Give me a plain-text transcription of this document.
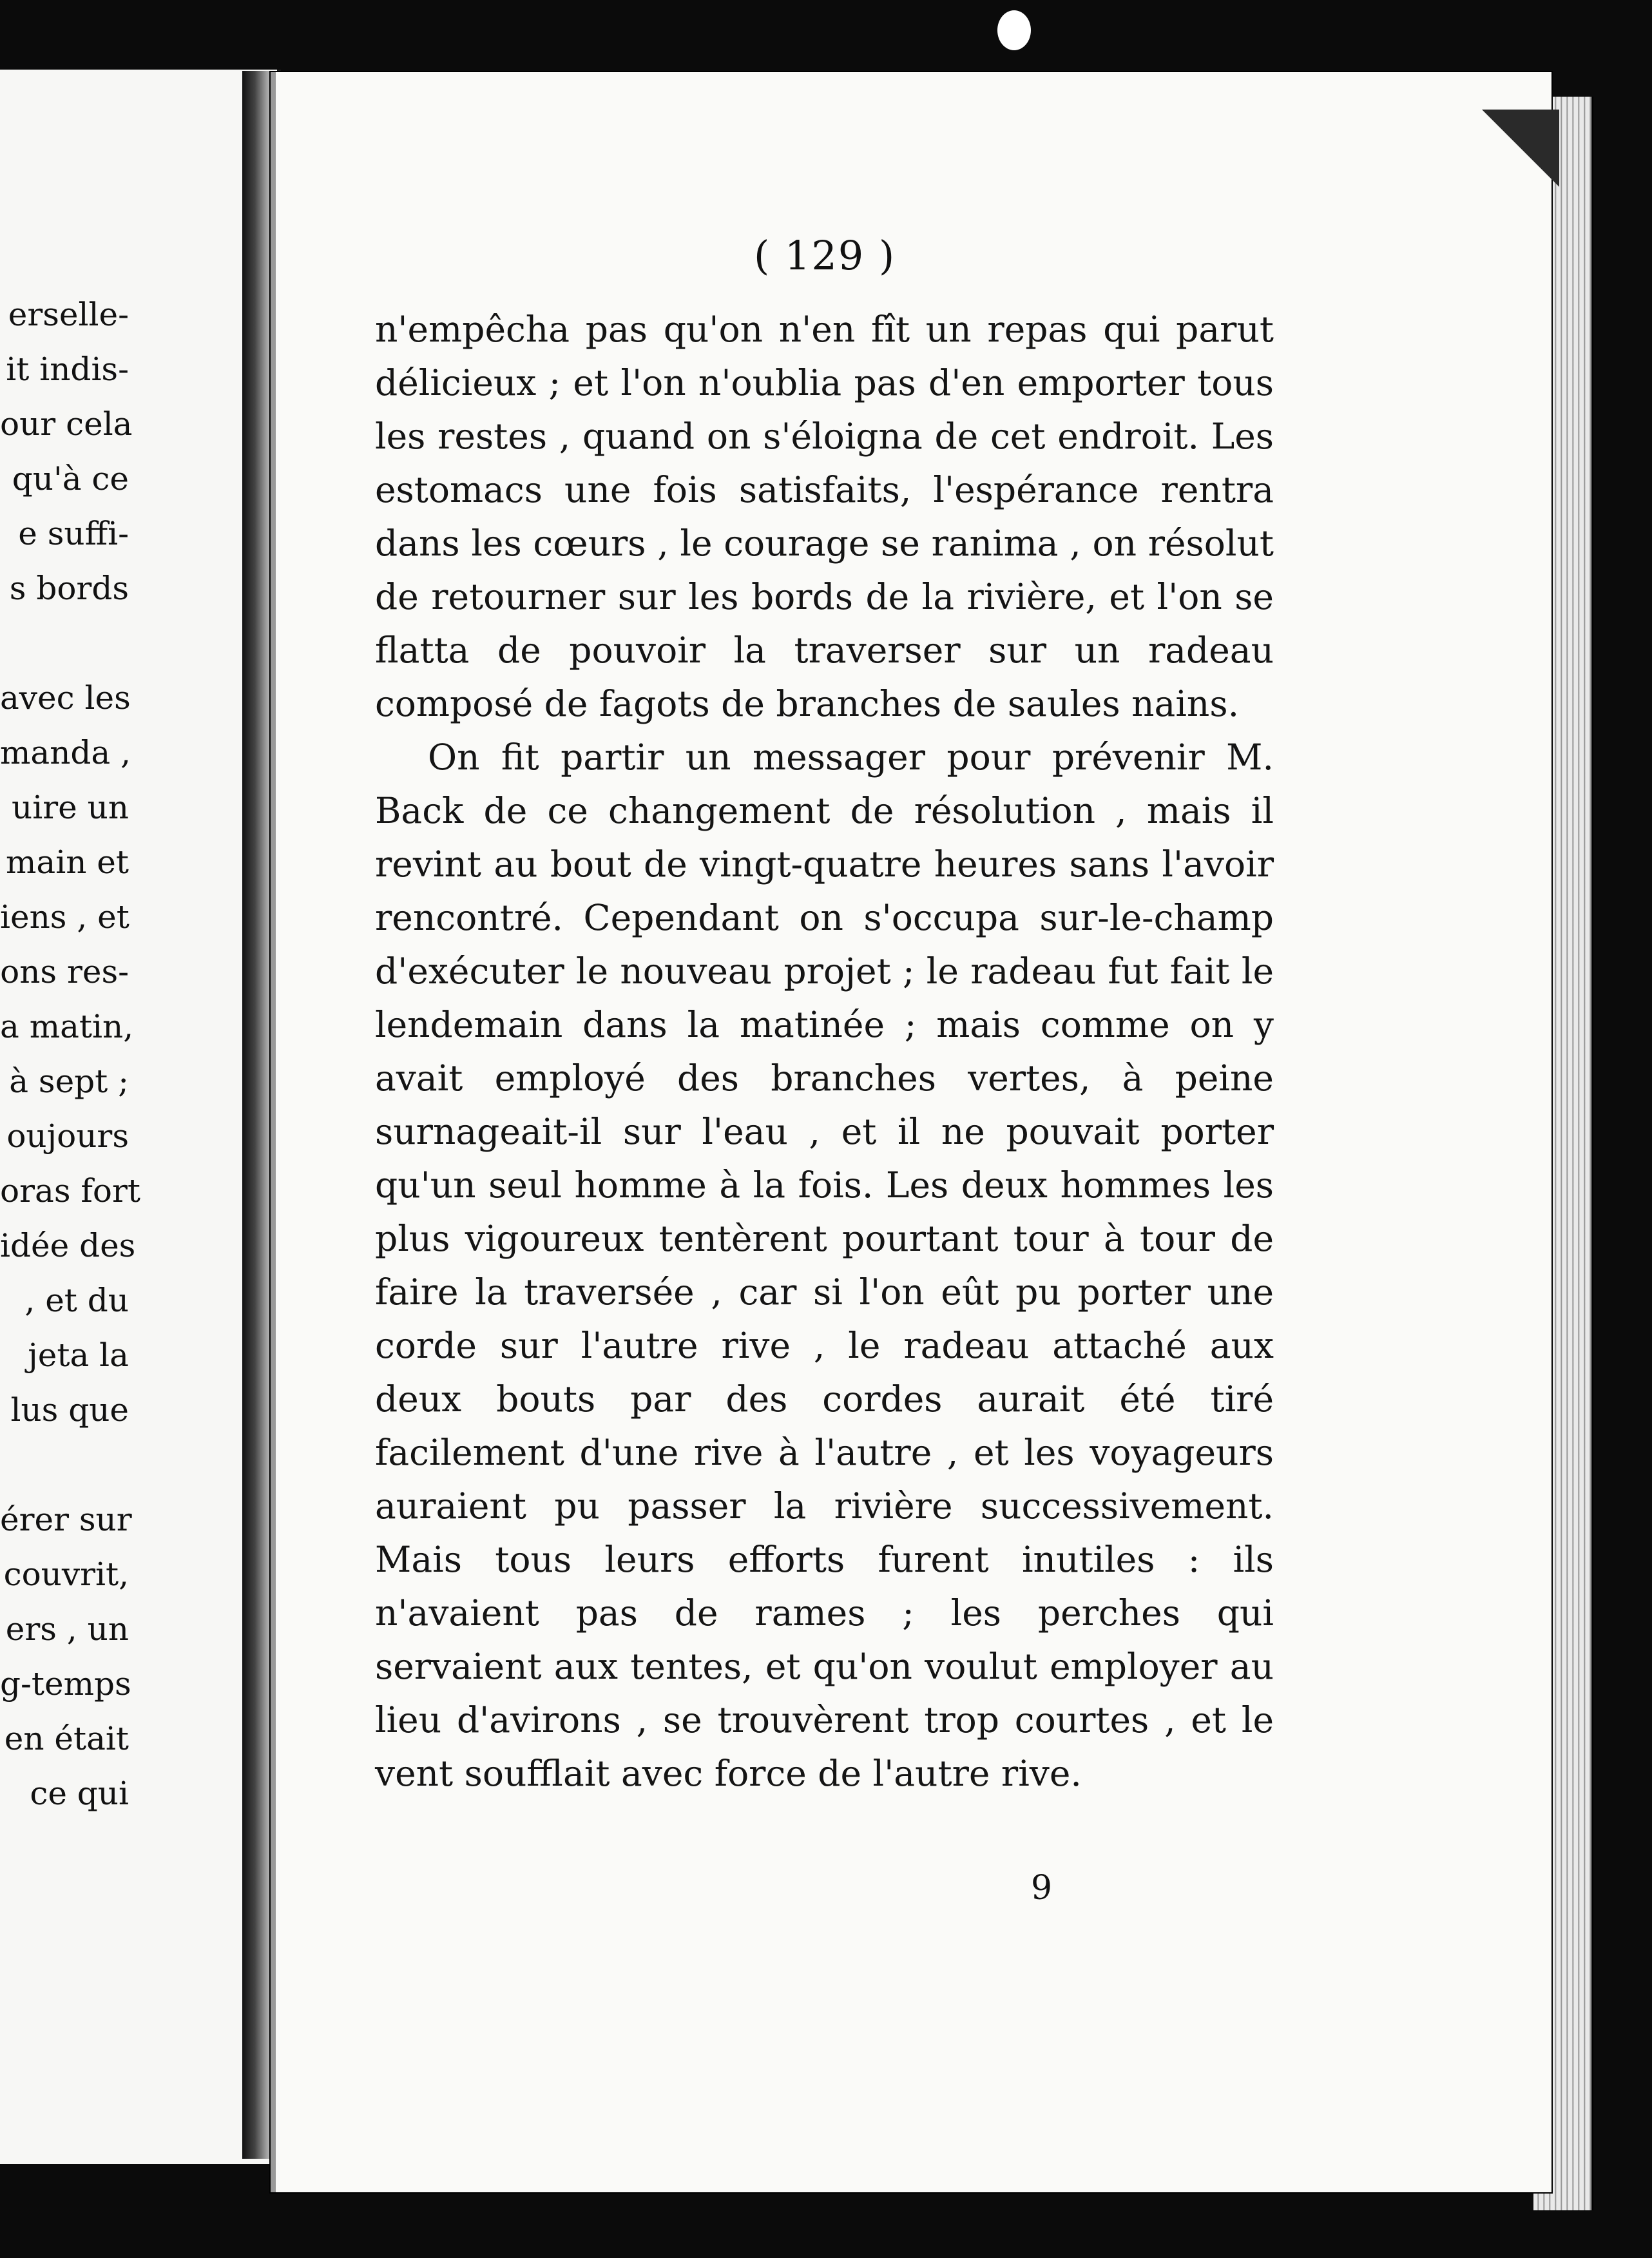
erselle-
it indis-
our cela
qu'à ce
e suffi-
s bords
avec les
manda ,
uire un
main et
iens , et
ons res-
a matin,
à sept ;
oujours
oras fort
idée des
, et du
jeta la
lus que
érer sur
couvrit,
ers , un
g-temps
en était
ce qui
( 129 )

n'empêcha pas qu'on n'en fît un repas qui parut délicieux ; et l'on n'oublia pas d'en emporter tous les restes , quand on s'éloigna de cet endroit. Les estomacs une fois satisfaits, l'espérance rentra dans les cœurs , le courage se ranima , on résolut de retourner sur les bords de la rivière, et l'on se flatta de pouvoir la traverser sur un radeau composé de fagots de branches de saules nains.

On fit partir un messager pour prévenir M. Back de ce changement de résolution , mais il revint au bout de vingt-quatre heures sans l'avoir rencontré. Cependant on s'occupa sur-le-champ d'exécuter le nouveau projet ; le radeau fut fait le lendemain dans la matinée ; mais comme on y avait employé des branches vertes, à peine surnageait-il sur l'eau , et il ne pouvait porter qu'un seul homme à la fois. Les deux hommes les plus vigoureux tentèrent pourtant tour à tour de faire la traversée , car si l'on eût pu porter une corde sur l'autre rive , le radeau attaché aux deux bouts par des cordes aurait été tiré facilement d'une rive à l'autre , et les voyageurs auraient pu passer la rivière successivement. Mais tous leurs efforts furent inutiles : ils n'avaient pas de rames ; les perches qui servaient aux tentes, et qu'on voulut employer au lieu d'avirons , se trouvèrent trop courtes , et le vent soufflait avec force de l'autre rive.

9
